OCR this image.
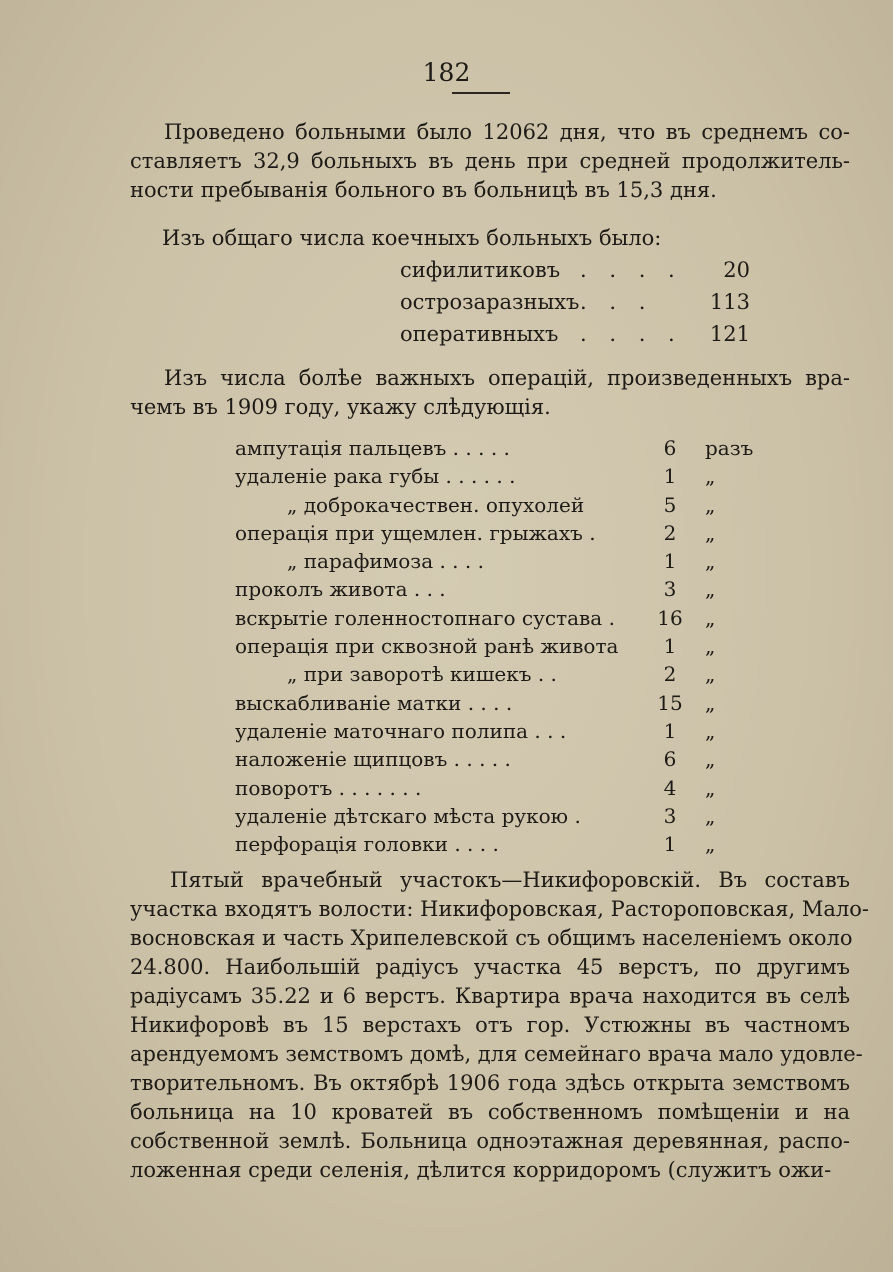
182
Проведено больными было 12062 дня, что въ среднемъ со-
ставляетъ 32,9 больныхъ въ день при средней продолжитель-
ности пребыванія больного въ больницѣ въ 15,3 дня.
Изъ общаго числа коечныхъ больныхъ было:
сифилитиковъ . . . .	20
острозаразныхъ . . .	113
оперативныхъ . . . .	121
Изъ числа болѣе важныхъ операцій, произведенныхъ вра-
чемъ въ 1909 году, укажу слѣдующія.
ампутація пальцевъ . . . . .	6	разъ
удаленіе рака губы . . . . . .	1	„
„ доброкачествен. опухолей	5	„
операція при ущемлен. грыжахъ .	2	„
„ парафимоза . . . .	1	„
проколъ живота . . .	3	„
вскрытіе голенностопнаго сустава . 16 „
операція при сквозной ранѣ живота	1	„
„ при заворотѣ кишекъ . .	2	„
выскабливаніе матки . . . .	15 „
удаленіе маточнаго полипа . . .	1	„
наложеніе щипцовъ . . . . .	6	„
поворотъ . . . . . . .	4	„
удаленіе дѣтскаго мѣста рукою .	3	„
перфорація головки . . . .	1	„
Пятый врачебный участокъ—Никифоровскій. Въ составъ
участка входятъ волости: Никифоровская, Растороповская, Мало-
восновская и часть Хрипелевской съ общимъ населеніемъ около
24.800. Наибольшій радіусъ участка 45 верстъ, по другимъ
радіусамъ 35.22 и 6 верстъ. Квартира врача находится въ селѣ
Никифоровѣ въ 15 верстахъ отъ гор. Устюжны въ частномъ
арендуемомъ земствомъ домѣ, для семейнаго врача мало удовле-
творительномъ. Въ октябрѣ 1906 года здѣсь открыта земствомъ
больница на 10 кроватей въ собственномъ помѣщеніи и на
собственной землѣ. Больница одноэтажная деревянная, распо-
ложенная среди селенія, дѣлится корридоромъ (служитъ ожи-
